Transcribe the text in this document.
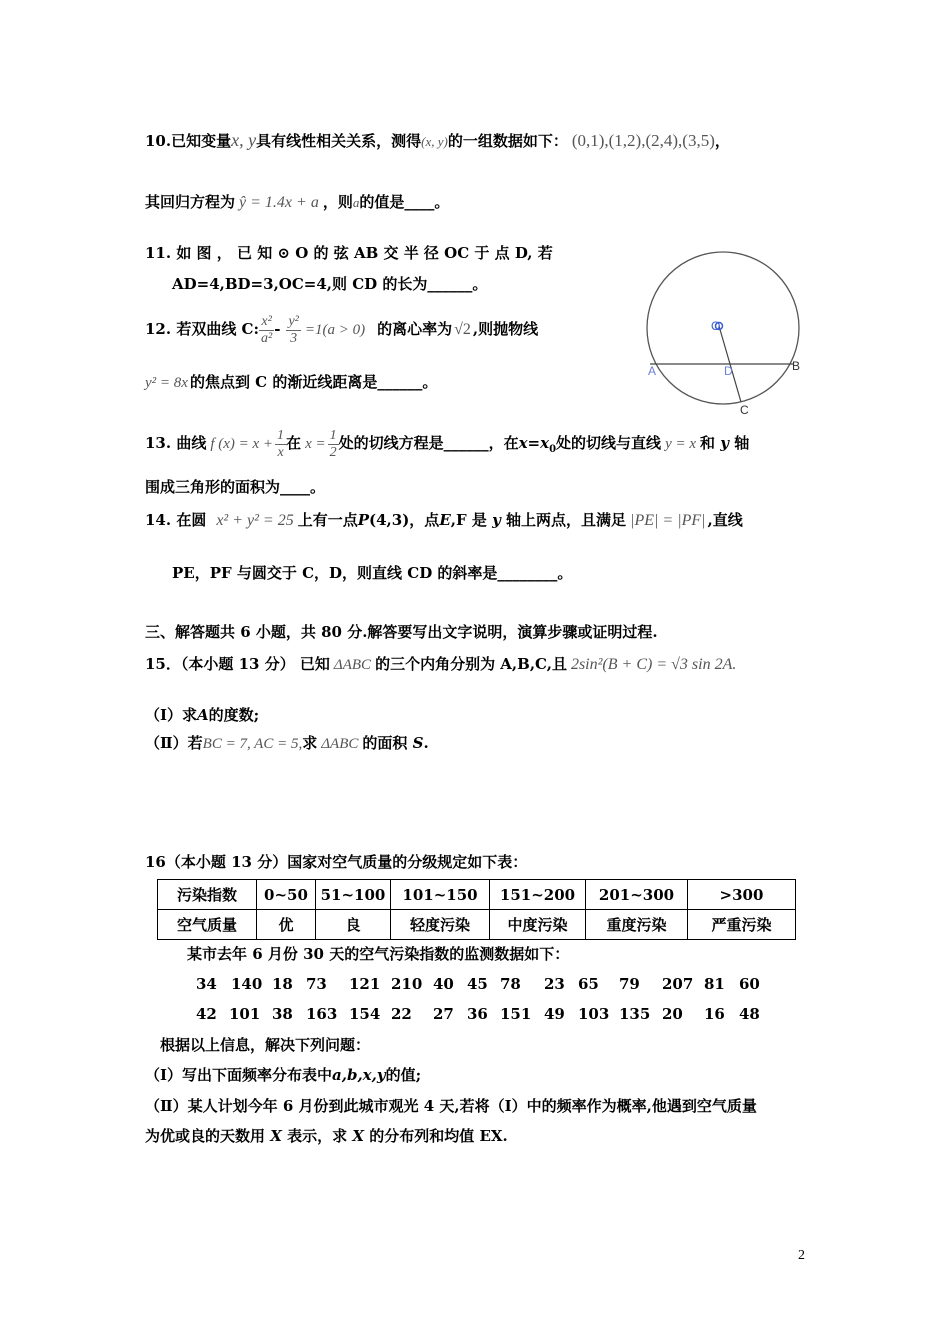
10.已知变量x, y具有线性相关关系，测得(x, y)的一组数据如下： (0,1),(1,2),(2,4),(3,5)，
其回归方程为 ŷ = 1.4x + a ，则a的值是____。
11. 如 图 ， 已 知 ⊙ O 的 弦 AB 交 半 径 OC 于 点 D, 若
AD=4,BD=3,OC=4,则 CD 的长为______。
O
A	B
D
C
12. 若双曲线 C: $\frac{\text{x²}}{\text{a²}} - \frac{\text{y²}}{3} =1(a > 0)$ 的离心率为 √2 ,则抛物线
y² = 8x 的焦点到 C 的渐近线距离是______。
13. 曲线 f $(x) = x + \frac{1}{x}$ 在 $x = \frac{1}{2}$ 处的切线方程是______，在$x=x_0$处的切线与直线 y = x 和 y 轴
围成三角形的面积为____。
14. 在圆 x² + y² = 25 上有一点P(4,3)，点E,F 是 y 轴上两点，且满足 |PE| = |PF| ,直线
PE，PF 与圆交于 C，D，则直线 CD 的斜率是________。
三、解答题共 6 小题，共 80 分.解答要写出文字说明，演算步骤或证明过程.
15．（本小题 13 分） 已知 ΔABC 的三个内角分别为 A,B,C,且 2sin²(B + C) = √3 sin 2A.
（Ⅰ）求A的度数;
（Ⅱ）若BC = 7, AC = 5,求 ΔABC 的面积 S.
16（本小题 13 分）国家对空气质量的分级规定如下表：
污染指数	0~50	51~100	101~150	151~200	201~300	>300
空气质量	优	良	轻度污染	中度污染	重度污染	严重污染
某市去年 6 月份 30 天的空气污染指数的监测数据如下：
34 140 18 73 121 210 40 45 78 23 65 79 207 81 60
42 101 38 163 154 22 27 36 151 49 103 135 20 16 48
根据以上信息，解决下列问题：
（Ⅰ）写出下面频率分布表中a,b,x,y的值;
（Ⅱ）某人计划今年 6 月份到此城市观光 4 天,若将（Ⅰ）中的频率作为概率,他遇到空气质量
为优或良的天数用 X 表示，求 X 的分布列和均值 EX.
2
